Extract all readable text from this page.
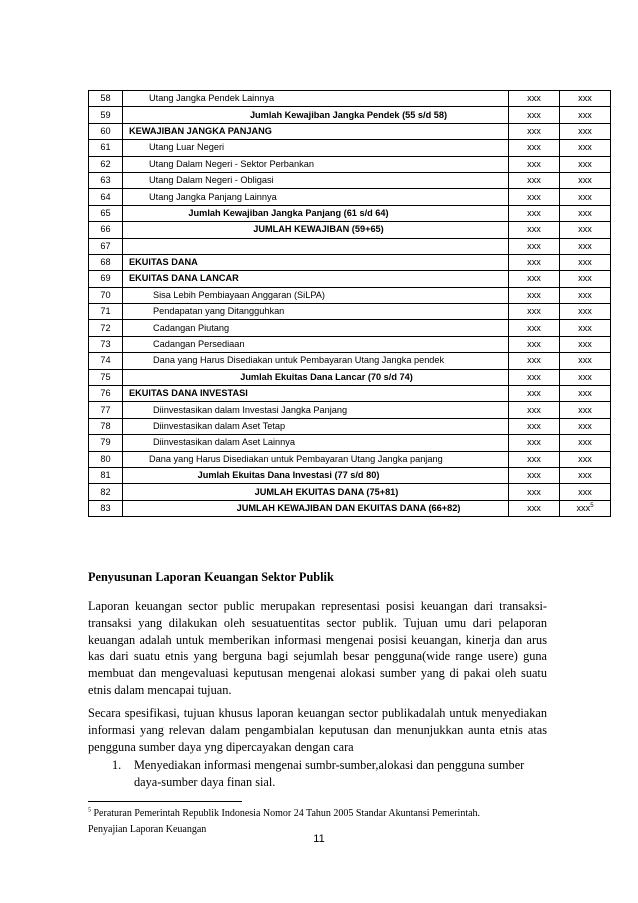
58	Utang Jangka Pendek Lainnya	xxx	xxx
59	Jumlah Kewajiban Jangka Pendek (55 s/d 58)	xxx	xxx
60	KEWAJIBAN JANGKA PANJANG	xxx	xxx
61	Utang Luar Negeri	xxx	xxx
62	Utang Dalam Negeri - Sektor Perbankan	xxx	xxx
63	Utang Dalam Negeri - Obligasi	xxx	xxx
64	Utang Jangka Panjang Lainnya	xxx	xxx
65	Jumlah Kewajiban Jangka Panjang (61 s/d 64)	xxx	xxx
66	JUMLAH KEWAJIBAN (59+65)	xxx	xxx
67		xxx	xxx
68	EKUITAS DANA	xxx	xxx
69	EKUITAS DANA LANCAR	xxx	xxx
70	Sisa Lebih Pembiayaan Anggaran (SiLPA)	xxx	xxx
71	Pendapatan yang Ditangguhkan	xxx	xxx
72	Cadangan Piutang	xxx	xxx
73	Cadangan Persediaan	xxx	xxx
74	Dana yang Harus Disediakan untuk Pembayaran Utang Jangka pendek	xxx	xxx
75	Jumlah Ekuitas Dana Lancar (70 s/d 74)	xxx	xxx
76	EKUITAS DANA INVESTASI	xxx	xxx
77	Diinvestasikan dalam Investasi Jangka Panjang	xxx	xxx
78	Diinvestasikan dalam Aset Tetap	xxx	xxx
79	Diinvestasikan dalam Aset Lainnya	xxx	xxx
80	Dana yang Harus Disediakan untuk Pembayaran Utang Jangka panjang	xxx	xxx
81	Jumlah Ekuitas Dana Investasi (77 s/d 80)	xxx	xxx
82	JUMLAH EKUITAS DANA (75+81)	xxx	xxx
83	JUMLAH KEWAJIBAN DAN EKUITAS DANA (66+82)	xxx	xxx$^5$
Penyusunan Laporan Keuangan Sektor Publik
Laporan keuangan sector public merupakan representasi posisi keuangan dari transaksi-transaksi yang dilakukan oleh sesuatuentitas sector publik. Tujuan umu dari pelaporan keuangan adalah untuk memberikan informasi mengenai posisi keuangan, kinerja dan arus kas dari suatu etnis yang berguna bagi sejumlah besar pengguna(wide range usere) guna membuat dan mengevaluasi keputusan mengenai alokasi sumber yang di pakai oleh suatu etnis dalam mencapai tujuan.
Secara spesifikasi, tujuan khusus laporan keuangan sector publikadalah untuk menyediakan informasi yang relevan dalam pengambialan keputusan dan menunjukkan aunta etnis atas pengguna sumber daya yng dipercayakan dengan cara
1. Menyediakan informasi mengenai sumbr-sumber,alokasi dan pengguna sumber daya-sumber daya finan sial.
$^5$ Peraturan Pemerintah Republik Indonesia Nomor 24 Tahun 2005 Standar Akuntansi Pemerintah.
Penyajian Laporan Keuangan
11
